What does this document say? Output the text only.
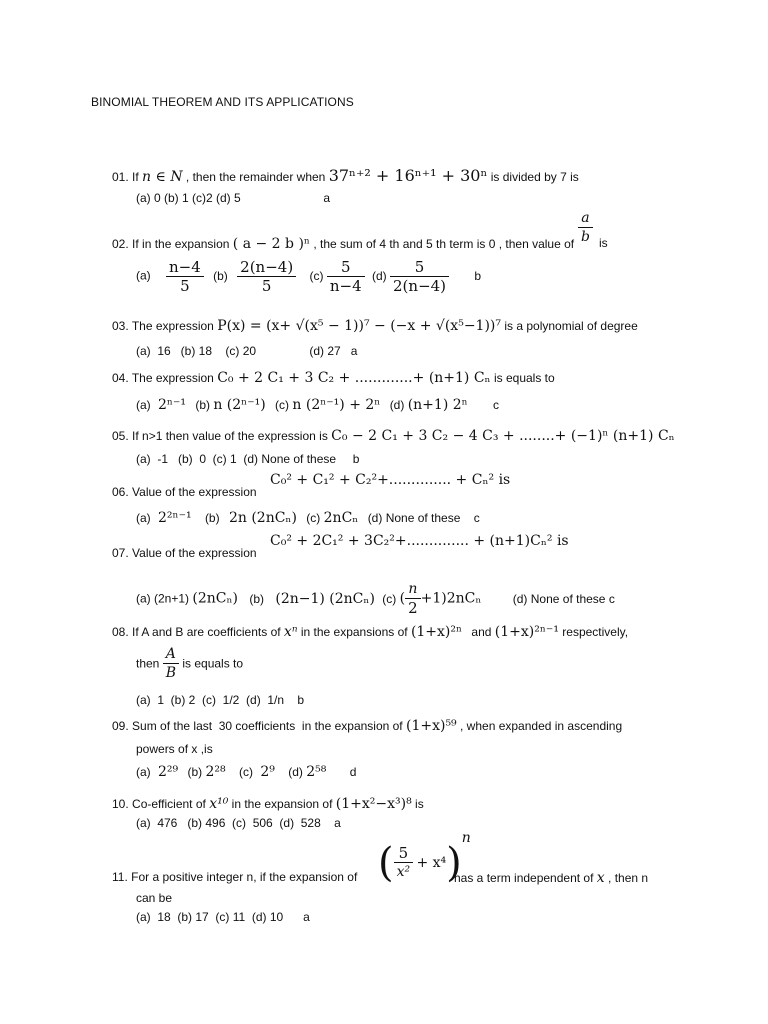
BINOMIAL THEOREM AND ITS APPLICATIONS
01. If n ∈ N , then the remainder when 37ⁿ⁺² + 16ⁿ⁺¹ + 30ⁿ is divided by 7 is
(a) 0 (b) 1 (c)2 (d) 5	a
$\frac{a}{b}$
02. If in the expansion ( a − 2 b )ⁿ , the sum of 4 th and 5 th term is 0 , then value of is
$(a) \frac{n-4}{5} (b) \frac{2(n-4)}{5} (c) \frac{5}{n-4} (d) \frac{5}{2(n-4)}$ b
03. The expression P(x) = (x+ √(x⁵ − 1))⁷ − (−x + √(x⁵−1))⁷ is a polynomial of degree
(a)  16   (b) 18    (c) 20                (d) 27   a
04. The expression C₀ + 2 C₁ + 3 C₂ + .............+ (n+1) Cₙ is equals to
(a) 2ⁿ⁻¹ (b) n (2ⁿ⁻¹) (c) n (2ⁿ⁻¹) + 2ⁿ (d) (n+1) 2ⁿ c
05. If n>1 then value of the expression is C₀ − 2 C₁ + 3 C₂ − 4 C₃ + ........+ (−1)ⁿ (n+1) Cₙ
(a)  -1   (b)  0  (c) 1  (d) None of these     b
C₀² + C₁² + C₂²+.............. + Cₙ² is
06. Value of the expression
(a) 2²ⁿ⁻¹ (b) 2n (2nCₙ) (c) 2nCₙ (d) None of these    c
C₀² + 2C₁² + 3C₂²+.............. + (n+1)Cₙ² is
07. Value of the expression
(a) (2n+1) (2nCₙ) (b) (2n−1) (2nCₙ) (c) ( $\frac{n}{2} +1)2nC_n$	(d) None of these c
08. If A and B are coefficients of xⁿ in the expansions of (1+x)²ⁿ and (1+x)²ⁿ⁻¹ respectively,
then $\frac{A}{B}$ is equals to
(a)  1  (b) 2  (c)  1/2  (d)  1/n    b
09. Sum of the last  30 coefficients  in the expansion of (1+x)⁵⁹ , when expanded in ascending
powers of x ,is
(a) 2²⁹ (b) 2²⁸ (c) 2⁹ (d) 2⁵⁸ d
10. Co-efficient of x¹⁰ in the expansion of (1+x²−x³)⁸ is
(a)  476   (b) 496  (c)  506  (d)  528    a
( $\frac{5}{\text{x²}} + x^4)^n$
11. For a positive integer n, if the expansion of	has a term independent of x , then n
can be
(a)  18  (b) 17  (c) 11  (d) 10      a
